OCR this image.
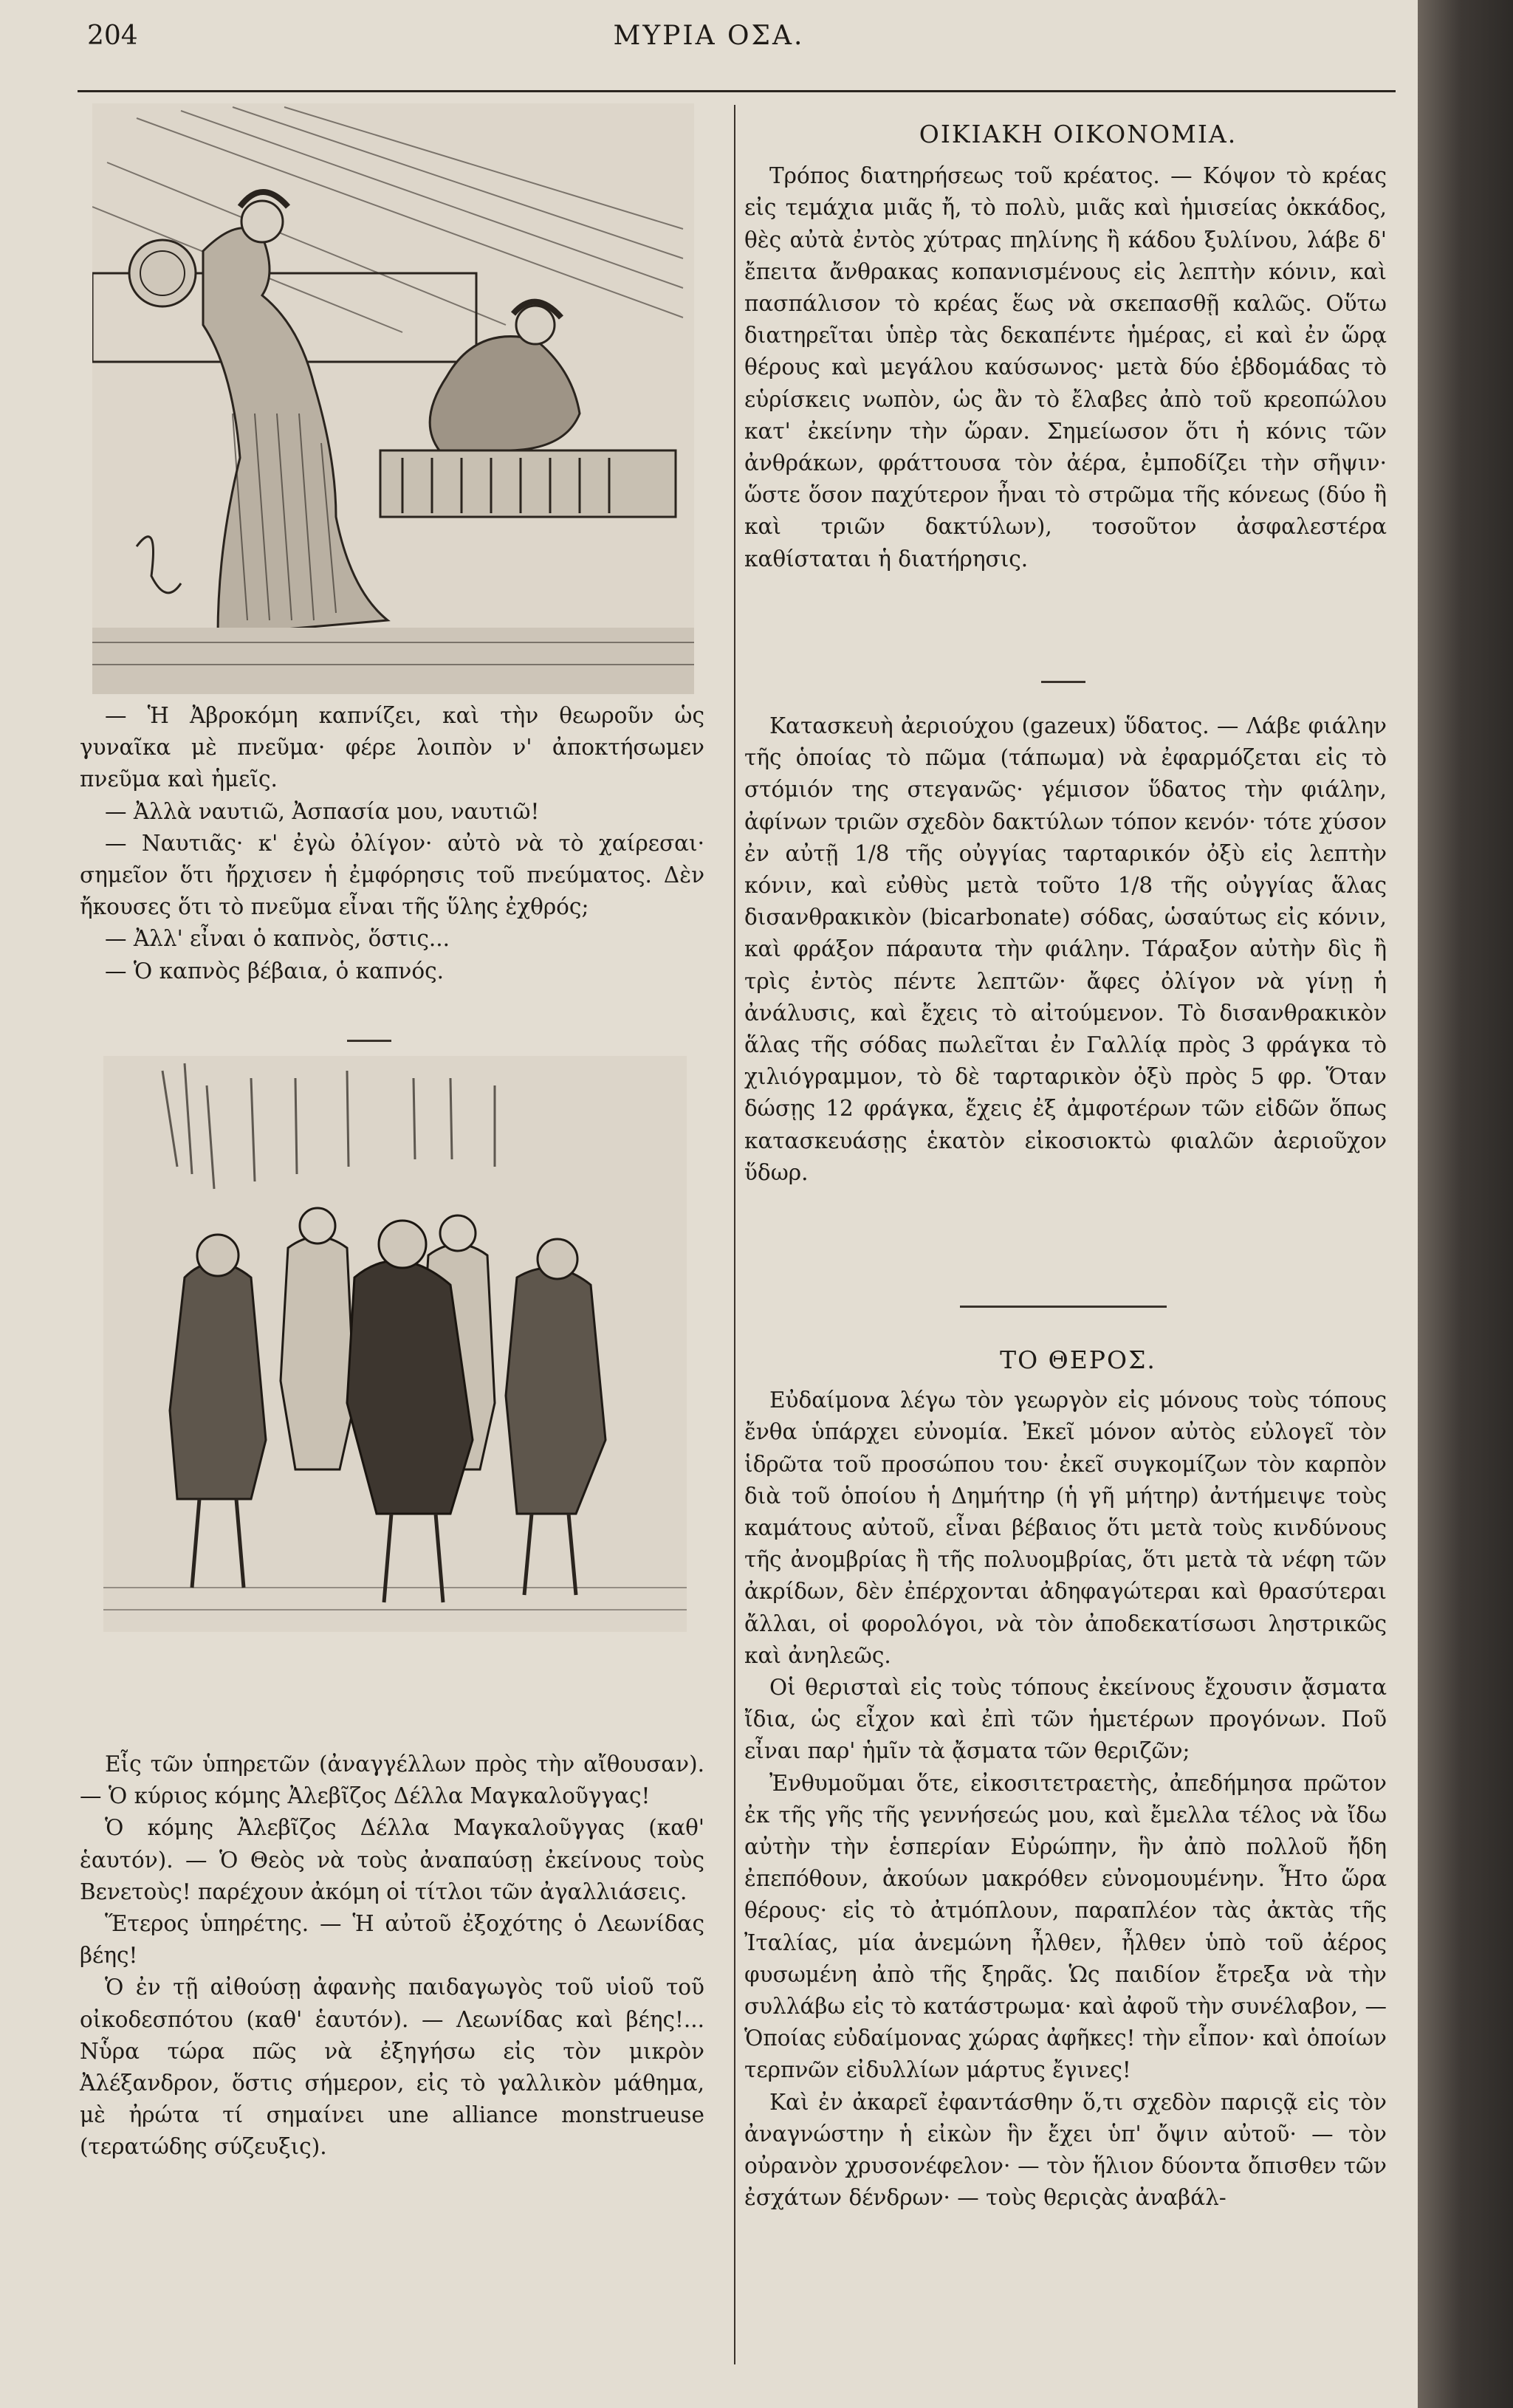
204	ΜΥΡΙΑ ΟΣΑ.

— Ἡ Ἀβροκόμη καπνίζει, καὶ τὴν θεωροῦν ὡς γυναῖκα μὲ πνεῦμα· φέρε λοιπὸν ν' ἀποκτήσωμεν πνεῦμα καὶ ἡμεῖς.

— Ἀλλὰ ναυτιῶ, Ἀσπασία μου, ναυτιῶ!

— Ναυτιᾶς· κ' ἐγὼ ὀλίγον· αὐτὸ νὰ τὸ χαίρεσαι· σημεῖον ὅτι ἤρχισεν ἡ ἐμφόρησις τοῦ πνεύματος. Δὲν ἤκουσες ὅτι τὸ πνεῦμα εἶναι τῆς ὕλης ἐχθρός;

— Ἀλλ' εἶναι ὁ καπνὸς, ὅστις...

— Ὁ καπνὸς βέβαια, ὁ καπνός.

Εἷς τῶν ὑπηρετῶν (ἀναγγέλλων πρὸς τὴν αἴθουσαν). — Ὁ κύριος κόμης Ἀλεβῖζος Δέλλα Μαγκαλοῦγγας!

Ὁ κόμης Ἀλεβῖζος Δέλλα Μαγκαλοῦγγας (καθ' ἑαυτόν). — Ὁ Θεὸς νὰ τοὺς ἀναπαύσῃ ἐκείνους τοὺς Βενετοὺς! παρέχουν ἀκόμη οἱ τίτλοι τῶν ἀγαλλιάσεις.

Ἕτερος ὑπηρέτης. — Ἡ αὐτοῦ ἐξοχότης ὁ Λεωνίδας βέης!

Ὁ ἐν τῇ αἰθούσῃ ἀφανὴς παιδαγωγὸς τοῦ υἱοῦ τοῦ οἰκοδεσπότου (καθ' ἑαυτόν). — Λεωνίδας καὶ βέης!... Νὗρα τώρα πῶς νὰ ἐξηγήσω εἰς τὸν μικρὸν Ἀλέξανδρον, ὅστις σήμερον, εἰς τὸ γαλλικὸν μάθημα, μὲ ἠρώτα τί σημαίνει une alliance monstrueuse (τερατώδης σύζευξις).

ΟΙΚΙΑΚΗ ΟΙΚΟΝΟΜΙΑ.

Τρόπος διατηρήσεως τοῦ κρέατος. — Κόψον τὸ κρέας εἰς τεμάχια μιᾶς ἤ, τὸ πολὺ, μιᾶς καὶ ἡμισείας ὀκκάδος, θὲς αὐτὰ ἐντὸς χύτρας πηλίνης ἢ κάδου ξυλίνου, λάβε δ' ἔπειτα ἄνθρακας κοπανισμένους εἰς λεπτὴν κόνιν, καὶ πασπάλισον τὸ κρέας ἕως νὰ σκεπασθῇ καλῶς. Οὕτω διατηρεῖται ὑπὲρ τὰς δεκαπέντε ἡμέρας, εἰ καὶ ἐν ὥρᾳ θέρους καὶ μεγάλου καύσωνος· μετὰ δύο ἑβδομάδας τὸ εὑρίσκεις νωπὸν, ὡς ἂν τὸ ἔλαβες ἀπὸ τοῦ κρεοπώλου κατ' ἐκείνην τὴν ὥραν. Σημείωσον ὅτι ἡ κόνις τῶν ἀνθράκων, φράττουσα τὸν ἀέρα, ἐμποδίζει τὴν σῆψιν· ὥστε ὅσον παχύτερον ἦναι τὸ στρῶμα τῆς κόνεως (δύο ἢ καὶ τριῶν δακτύλων), τοσοῦτον ἀσφαλεστέρα καθίσταται ἡ διατήρησις.

Κατασκευὴ ἀεριούχου (gazeux) ὕδατος. — Λάβε φιάλην τῆς ὁποίας τὸ πῶμα (τάπωμα) νὰ ἐφαρμόζεται εἰς τὸ στόμιόν της στεγανῶς· γέμισον ὕδατος τὴν φιάλην, ἀφίνων τριῶν σχεδὸν δακτύλων τόπον κενόν· τότε χύσον ἐν αὐτῇ 1/8 τῆς οὐγγίας ταρταρικόν ὀξὺ εἰς λεπτὴν κόνιν, καὶ εὐθὺς μετὰ τοῦτο 1/8 τῆς οὐγγίας ἅλας δισανθρακικὸν (bicarbonate) σόδας, ὡσαύτως εἰς κόνιν, καὶ φράξον πάραυτα τὴν φιάλην. Τάραξον αὐτὴν δὶς ἢ τρὶς ἐντὸς πέντε λεπτῶν· ἄφες ὀλίγον νὰ γίνῃ ἡ ἀνάλυσις, καὶ ἔχεις τὸ αἰτούμενον. Τὸ δισανθρακικὸν ἅλας τῆς σόδας πωλεῖται ἐν Γαλλίᾳ πρὸς 3 φράγκα τὸ χιλιόγραμμον, τὸ δὲ ταρταρικὸν ὀξὺ πρὸς 5 φρ. Ὅταν δώσῃς 12 φράγκα, ἔχεις ἐξ ἀμφοτέρων τῶν εἰδῶν ὅπως κατασκευάσῃς ἑκατὸν εἰκοσιοκτὼ φιαλῶν ἀεριοῦχον ὕδωρ.

ΤΟ ΘΕΡΟΣ.

Εὐδαίμονα λέγω τὸν γεωργὸν εἰς μόνους τοὺς τόπους ἔνθα ὑπάρχει εὐνομία. Ἐκεῖ μόνον αὐτὸς εὐλογεῖ τὸν ἱδρῶτα τοῦ προσώπου του· ἐκεῖ συγκομίζων τὸν καρπὸν διὰ τοῦ ὁποίου ἡ Δημήτηρ (ἡ γῆ μήτηρ) ἀντήμειψε τοὺς καμάτους αὐτοῦ, εἶναι βέβαιος ὅτι μετὰ τοὺς κινδύνους τῆς ἀνομβρίας ἢ τῆς πολυομβρίας, ὅτι μετὰ τὰ νέφη τῶν ἀκρίδων, δὲν ἐπέρχονται ἀδηφαγώτεραι καὶ θρασύτεραι ἄλλαι, οἱ φορολόγοι, νὰ τὸν ἀποδεκατίσωσι ληστρικῶς καὶ ἀνηλεῶς.

Οἱ θερισταὶ εἰς τοὺς τόπους ἐκείνους ἔχουσιν ᾄσματα ἴδια, ὡς εἶχον καὶ ἐπὶ τῶν ἡμετέρων προγόνων. Ποῦ εἶναι παρ' ἡμῖν τὰ ᾄσματα τῶν θεριζῶν;

Ἐνθυμοῦμαι ὅτε, εἰκοσιτετραετὴς, ἀπεδήμησα πρῶτον ἐκ τῆς γῆς τῆς γεννήσεώς μου, καὶ ἔμελλα τέλος νὰ ἴδω αὐτὴν τὴν ἑσπερίαν Εὐρώπην, ἣν ἀπὸ πολλοῦ ἤδη ἐπεπόθουν, ἀκούων μακρόθεν εὐνομουμένην. Ἦτο ὥρα θέρους· εἰς τὸ ἀτμόπλουν, παραπλέον τὰς ἀκτὰς τῆς Ἰταλίας, μία ἀνεμώνη ἦλθεν, ἦλθεν ὑπὸ τοῦ ἀέρος φυσωμένη ἀπὸ τῆς ξηρᾶς. Ὡς παιδίον ἔτρεξα νὰ τὴν συλλάβω εἰς τὸ κατάστρωμα· καὶ ἀφοῦ τὴν συνέλαβον, — Ὁποίας εὐδαίμονας χώρας ἀφῆκες! τὴν εἶπον· καὶ ὁποίων τερπνῶν εἰδυλλίων μάρτυς ἔγινες!

Καὶ ἐν ἀκαρεῖ ἐφαντάσθην ὅ,τι σχεδὸν παριςᾷ εἰς τὸν ἀναγνώστην ἡ εἰκὼν ἣν ἔχει ὑπ' ὄψιν αὐτοῦ· — τὸν οὐρανὸν χρυσονέφελον· — τὸν ἥλιον δύοντα ὄπισθεν τῶν ἐσχάτων δένδρων· — τοὺς θεριςὰς ἀναβάλ-
